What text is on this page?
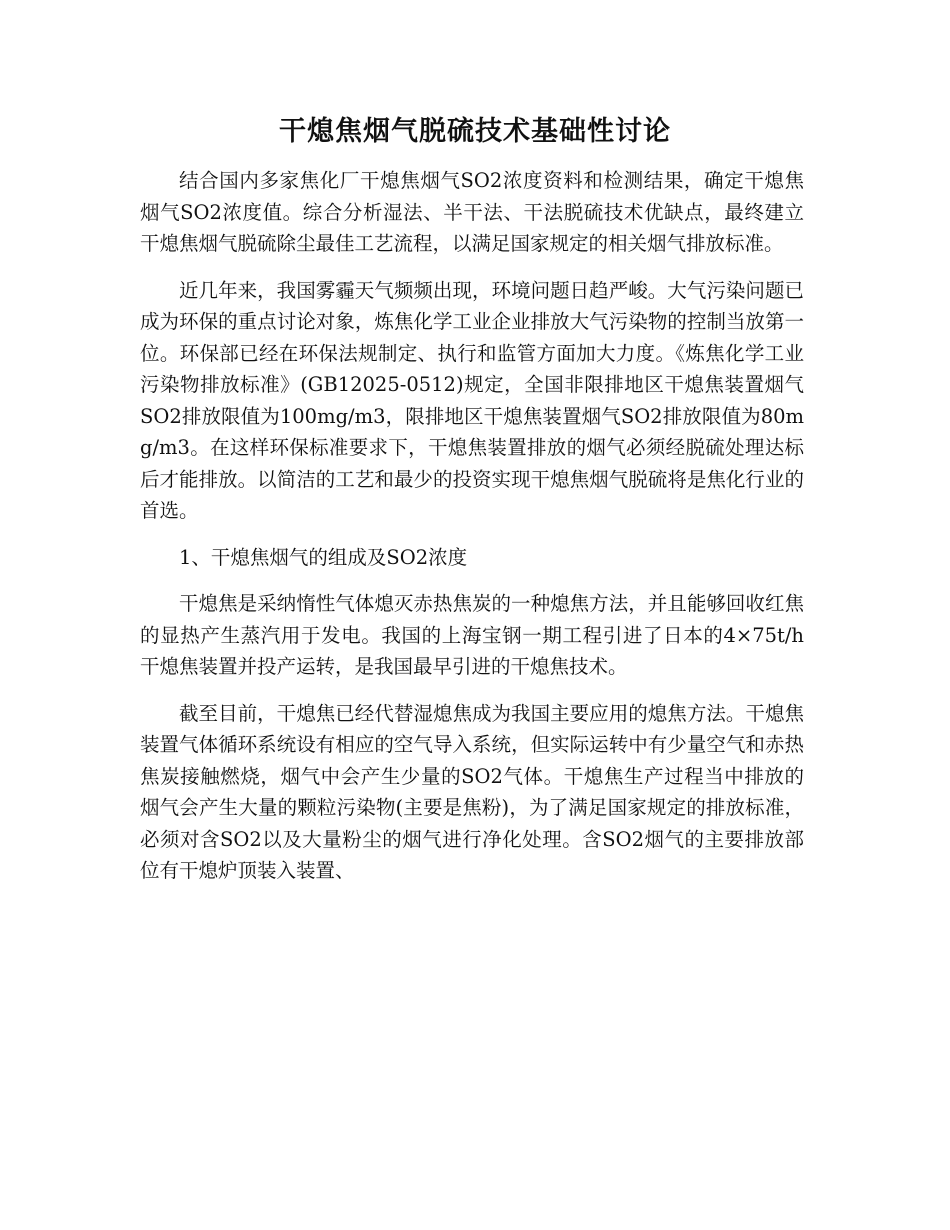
干熄焦烟气脱硫技术基础性讨论

结合国内多家焦化厂干熄焦烟气SO2浓度资料和检测结果，确定干熄焦烟气SO2浓度值。综合分析湿法、半干法、干法脱硫技术优缺点，最终建立干熄焦烟气脱硫除尘最佳工艺流程，以满足国家规定的相关烟气排放标准。

近几年来，我国雾霾天气频频出现，环境问题日趋严峻。大气污染问题已成为环保的重点讨论对象，炼焦化学工业企业排放大气污染物的控制当放第一位。环保部已经在环保法规制定、执行和监管方面加大力度。《炼焦化学工业污染物排放标准》(GB12025-0512)规定，全国非限排地区干熄焦装置烟气SO2排放限值为100mg/m3，限排地区干熄焦装置烟气SO2排放限值为80mg/m3。在这样环保标准要求下，干熄焦装置排放的烟气必须经脱硫处理达标后才能排放。以简洁的工艺和最少的投资实现干熄焦烟气脱硫将是焦化行业的首选。

1、干熄焦烟气的组成及SO2浓度

干熄焦是采纳惰性气体熄灭赤热焦炭的一种熄焦方法，并且能够回收红焦的显热产生蒸汽用于发电。我国的上海宝钢一期工程引进了日本的4×75t/h干熄焦装置并投产运转，是我国最早引进的干熄焦技术。

截至目前，干熄焦已经代替湿熄焦成为我国主要应用的熄焦方法。干熄焦装置气体循环系统设有相应的空气导入系统，但实际运转中有少量空气和赤热焦炭接触燃烧，烟气中会产生少量的SO2气体。干熄焦生产过程当中排放的烟气会产生大量的颗粒污染物(主要是焦粉)，为了满足国家规定的排放标准，必须对含SO2以及大量粉尘的烟气进行净化处理。含SO2烟气的主要排放部位有干熄炉顶装入装置、
